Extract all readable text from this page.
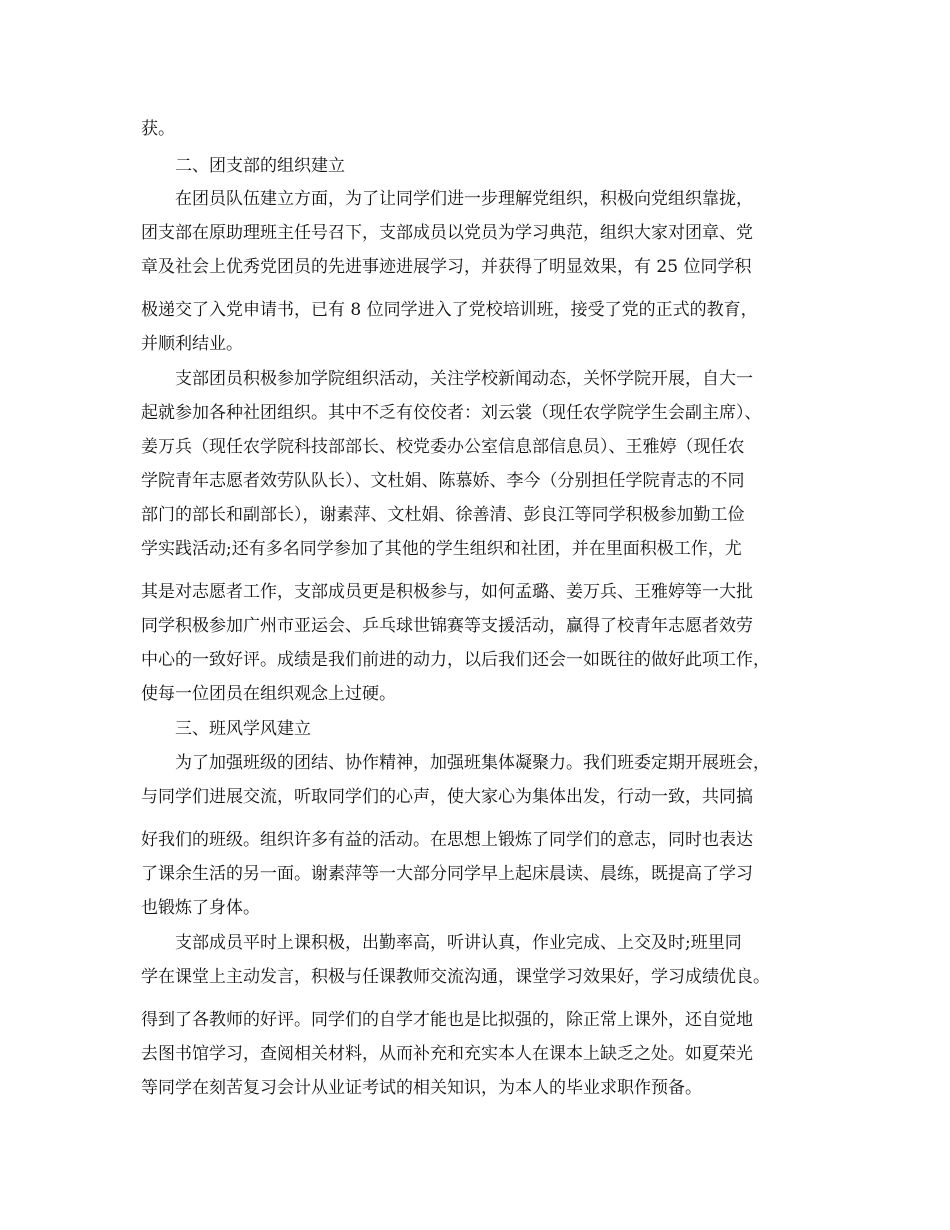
获。
二、团支部的组织建立
在团员队伍建立方面，为了让同学们进一步理解党组织，积极向党组织靠拢，
团支部在原助理班主任号召下，支部成员以党员为学习典范，组织大家对团章、党
章及社会上优秀党团员的先进事迹进展学习，并获得了明显效果，有 25 位同学积
极递交了入党申请书，已有 8 位同学进入了党校培训班，接受了党的正式的教育，
并顺利结业。
支部团员积极参加学院组织活动，关注学校新闻动态，关怀学院开展，自大一
起就参加各种社团组织。其中不乏有佼佼者：刘云裳（现任农学院学生会副主席）、
姜万兵（现任农学院科技部部长、校党委办公室信息部信息员）、王雅婷（现任农
学院青年志愿者效劳队队长）、文杜娟、陈慕娇、李今（分别担任学院青志的不同
部门的部长和副部长），谢素萍、文杜娟、徐善清、彭良江等同学积极参加勤工俭
学实践活动;还有多名同学参加了其他的学生组织和社团，并在里面积极工作，尤
其是对志愿者工作，支部成员更是积极参与，如何孟璐、姜万兵、王雅婷等一大批
同学积极参加广州市亚运会、乒乓球世锦赛等支援活动，赢得了校青年志愿者效劳
中心的一致好评。成绩是我们前进的动力，以后我们还会一如既往的做好此项工作，
使每一位团员在组织观念上过硬。
三、班风学风建立
为了加强班级的团结、协作精神，加强班集体凝聚力。我们班委定期开展班会，
与同学们进展交流，听取同学们的心声，使大家心为集体出发，行动一致，共同搞
好我们的班级。组织许多有益的活动。在思想上锻炼了同学们的意志，同时也表达
了课余生活的另一面。谢素萍等一大部分同学早上起床晨读、晨练，既提高了学习
也锻炼了身体。
支部成员平时上课积极，出勤率高，听讲认真，作业完成、上交及时;班里同
学在课堂上主动发言，积极与任课教师交流沟通，课堂学习效果好，学习成绩优良。
得到了各教师的好评。同学们的自学才能也是比拟强的，除正常上课外，还自觉地
去图书馆学习，查阅相关材料，从而补充和充实本人在课本上缺乏之处。如夏荣光
等同学在刻苦复习会计从业证考试的相关知识，为本人的毕业求职作预备。
